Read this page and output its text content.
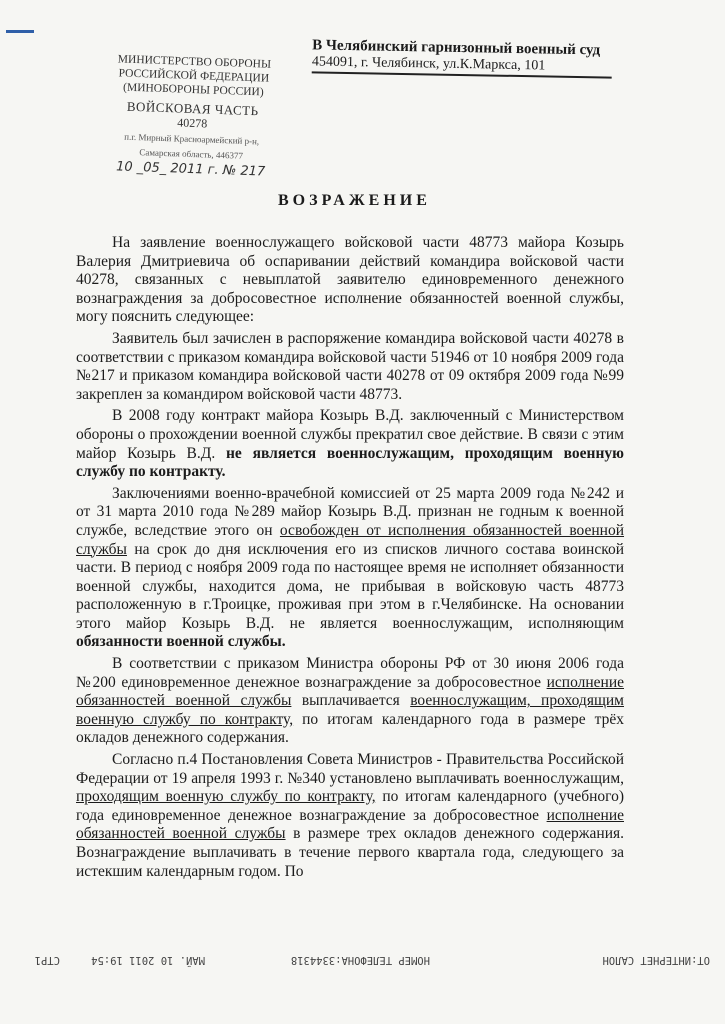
МИНИСТЕРСТВО ОБОРОНЫ
РОССИЙСКОЙ ФЕДЕРАЦИИ
(МИНОБОРОНЫ РОССИИ)
ВОЙСКОВАЯ ЧАСТЬ
40278
п.г. Мирный Красноармейский р-н,
Самарская область, 446377
10 _05_ 2011 г. № 217
В Челябинский гарнизонный военный суд
454091, г. Челябинск, ул.К.Маркса, 101
ВОЗРАЖЕНИЕ

На заявление военнослужащего войсковой части 48773 майора Козырь Валерия Дмитриевича об оспаривании действий командира войсковой части 40278, связанных с невыплатой заявителю единовременного денежного вознаграждения за добросовестное исполнение обязанностей военной службы, могу пояснить следующее:

Заявитель был зачислен в распоряжение командира войсковой части 40278 в соответствии с приказом командира войсковой части 51946 от 10 ноября 2009 года №217 и приказом командира войсковой части 40278 от 09 октября 2009 года №99 закреплен за командиром войсковой части 48773.

В 2008 году контракт майора Козырь В.Д. заключенный с Министерством обороны о прохождении военной службы прекратил свое действие. В связи с этим майор Козырь В.Д. не является военнослужащим, проходящим военную службу по контракту.

Заключениями военно-врачебной комиссией от 25 марта 2009 года №242 и от 31 марта 2010 года №289 майор Козырь В.Д. признан не годным к военной службе, вследствие этого он освобожден от исполнения обязанностей военной службы на срок до дня исключения его из списков личного состава воинской части. В период с ноября 2009 года по настоящее время не исполняет обязанности военной службы, находится дома, не прибывая в войсковую часть 48773 расположенную в г.Троицке, проживая при этом в г.Челябинске. На основании этого майор Козырь В.Д. не является военнослужащим, исполняющим обязанности военной службы.

В соответствии с приказом Министра обороны РФ от 30 июня 2006 года №200 единовременное денежное вознаграждение за добросовестное исполнение обязанностей военной службы выплачивается военнослужащим, проходящим военную службу по контракту, по итогам календарного года в размере трёх окладов денежного содержания.

Согласно п.4 Постановления Совета Министров - Правительства Российской Федерации от 19 апреля 1993 г. №340 установлено выплачивать военнослужащим, проходящим военную службу по контракту, по итогам календарного (учебного) года единовременное денежное вознаграждение за добросовестное исполнение обязанностей военной службы в размере трех окладов денежного содержания. Вознаграждение выплачивать в течение первого квартала года, следующего за истекшим календарным годом. По

ОТ:ИНТЕРНЕТ САЛОН
НОМЕР ТЕЛЕФОНА:3344318
МАЙ. 10 2011 19:54
СТР1
